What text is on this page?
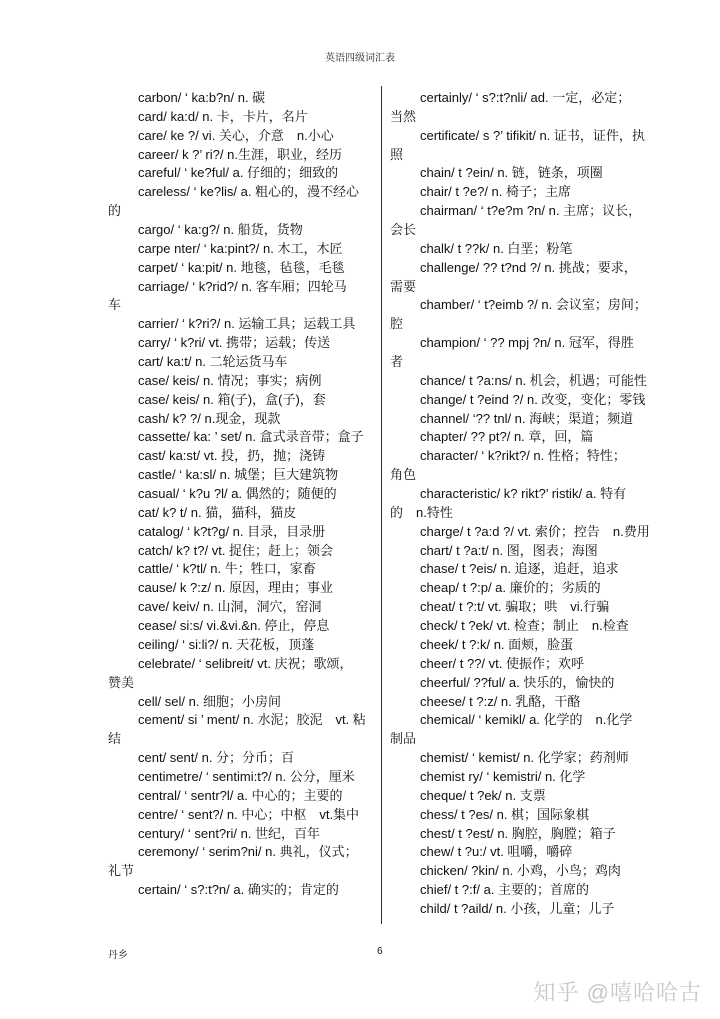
英语四级词汇表
carbon/ ‘ ka:b?n/ n. 碳
card/ ka:d/ n. 卡，卡片，名片
care/ ke ?/ vi. 关心，介意　n.小心
career/ k ?’ ri?/ n.生涯，职业，经历
careful/ ‘ ke?ful/ a. 仔细的；细致的
careless/ ‘ ke?lis/ a. 粗心的，漫不经心
的
cargo/ ‘ ka:g?/ n. 船货，货物
carpe nter/ ‘ ka:pint?/ n. 木工，木匠
carpet/ ‘ ka:pit/ n. 地毯，毡毯，毛毯
carriage/ ‘ k?rid?/ n. 客车厢；四轮马
车
carrier/ ‘ k?ri?/ n. 运输工具；运载工具
carry/ ‘ k?ri/ vt. 携带；运载；传送
cart/ ka:t/ n. 二轮运货马车
case/ keis/ n. 情况；事实；病例
case/ keis/ n. 箱(子)，盒(子)，套
cash/ k? ?/ n.现金，现款
cassette/ ka: ’ set/ n. 盒式录音带；盒子
cast/ ka:st/ vt. 投，扔，抛；浇铸
castle/ ‘ ka:sl/ n. 城堡；巨大建筑物
casual/ ‘ k?u ?l/ a. 偶然的；随便的
cat/ k? t/ n. 猫，猫科，猫皮
catalog/ ‘ k?t?g/ n. 目录，目录册
catch/ k? t?/ vt. 捉住；赶上；领会
cattle/ ‘ k?tl/ n. 牛；牲口，家畜
cause/ k ?:z/ n. 原因，理由；事业
cave/ keiv/ n. 山洞，洞穴，窑洞
cease/ si:s/ vi.&vi.&n. 停止，停息
ceiling/ ‘ si:li?/ n. 天花板，顶蓬
celebrate/ ‘ selibreit/ vt. 庆祝；歌颂，
赞美
cell/ sel/ n. 细胞；小房间
cement/ si ’ ment/ n. 水泥；胶泥　vt. 粘
结
cent/ sent/ n. 分；分币；百
centimetre/ ‘ sentimi:t?/ n. 公分，厘米
central/ ‘ sentr?l/ a. 中心的；主要的
centre/ ‘ sent?/ n. 中心；中枢　vt.集中
century/ ‘ sent?ri/ n. 世纪，百年
ceremony/ ‘ serim?ni/ n. 典礼，仪式；
礼节
certain/ ‘ s?:t?n/ a. 确实的；肯定的
certainly/ ‘ s?:t?nli/ ad. 一定，必定；
当然
certificate/ s ?’ tifikit/ n. 证书，证件，执
照
chain/ t ?ein/ n. 链，链条，项圈
chair/ t ?e?/ n. 椅子；主席
chairman/ ‘ t?e?m ?n/ n. 主席；议长，
会长
chalk/ t ??k/ n. 白垩；粉笔
challenge/ ?? t?nd ?/ n. 挑战；要求，
需要
chamber/ ‘ t?eimb ?/ n. 会议室；房间；
腔
champion/ ‘ ?? mpj ?n/ n. 冠军，得胜
者
chance/ t ?a:ns/ n. 机会，机遇；可能性
change/ t ?eind ?/ n. 改变，变化；零钱
channel/ ‘?? tnl/ n. 海峡；渠道；频道
chapter/ ?? pt?/ n. 章，回，篇
character/ ‘ k?rikt?/ n. 性格；特性；
角色
characteristic/ k? rikt?’ ristik/ a. 特有
的　n.特性
charge/ t ?a:d ?/ vt. 索价；控告　n.费用
chart/ t ?a:t/ n. 图，图表；海图
chase/ t ?eis/ n. 追逐，追赶，追求
cheap/ t ?:p/ a. 廉价的；劣质的
cheat/ t ?:t/ vt. 骗取；哄　vi.行骗
check/ t ?ek/ vt. 检查；制止　n.检查
cheek/ t ?:k/ n. 面颊，脸蛋
cheer/ t ??/ vt. 使振作；欢呼
cheerful/ ??ful/ a. 快乐的，愉快的
cheese/ t ?:z/ n. 乳酪，干酪
chemical/ ‘ kemikl/ a. 化学的　n.化学
制品
chemist/ ‘ kemist/ n. 化学家；药剂师
chemist ry/ ‘ kemistri/ n. 化学
cheque/ t ?ek/ n. 支票
chess/ t ?es/ n. 棋；国际象棋
chest/ t ?est/ n. 胸腔，胸膛；箱子
chew/ t ?u:/ vt. 咀嚼，嚼碎
chicken/ ?kin/ n. 小鸡，小鸟；鸡肉
chief/ t ?:f/ a. 主要的；首席的
child/ t ?aild/ n. 小孩，儿童；儿子
丹乡	6
知乎 @嘻哈哈古
